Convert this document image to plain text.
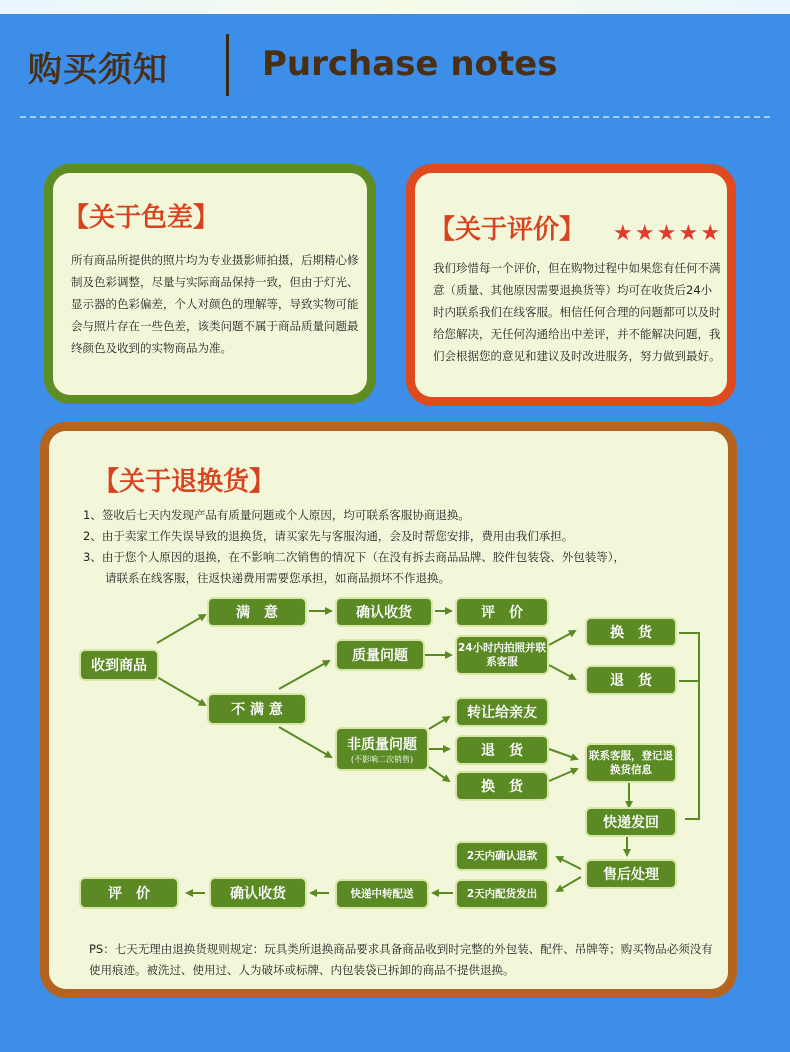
购买须知	Purchase notes
【关于色差】
所有商品所提供的照片均为专业摄影师拍摄，后期精心修制及色彩调整，尽量与实际商品保持一致，但由于灯光、显示器的色彩偏差，个人对颜色的理解等，导致实物可能会与照片存在一些色差，该类问题不属于商品质量问题最终颜色及收到的实物商品为准。
【关于评价】 ★ ★ ★ ★ ★
我们珍惜每一个评价，但在购物过程中如果您有任何不满意（质量、其他原因需要退换货等）均可在收货后24小时内联系我们在线客服。相信任何合理的问题都可以及时给您解决，无任何沟通给出中差评，并不能解决问题，我们会根据您的意见和建议及时改进服务，努力做到最好。
【关于退换货】
1、签收后七天内发现产品有质量问题或个人原因，均可联系客服协商退换。
2、由于卖家工作失误导致的退换货，请买家先与客服沟通，会及时帮您安排，费用由我们承担。
3、由于您个人原因的退换，在不影响二次销售的情况下（在没有拆去商品品牌、胶件包装袋、外包装等），
请联系在线客服，往返快递费用需要您承担，如商品损坏不作退换。
收到商品
满　意	确认收货	评　价
不 满 意
质量问题	24小时内拍照并联系客服
换　货
退　货
非质量问题
(不影响二次销售)
转让给亲友
退　货
换　货
联系客服，登记退换货信息
快递发回
2天内确认退款
售后处理
2天内配货发出
快递中转配送
确认收货
评　价
PS：七天无理由退换货规则规定：玩具类所退换商品要求具备商品收到时完整的外包装、配件、吊牌等；购买物品必须没有使用痕迹。被洗过、使用过、人为破坏或标牌、内包装袋已拆卸的商品不提供退换。
